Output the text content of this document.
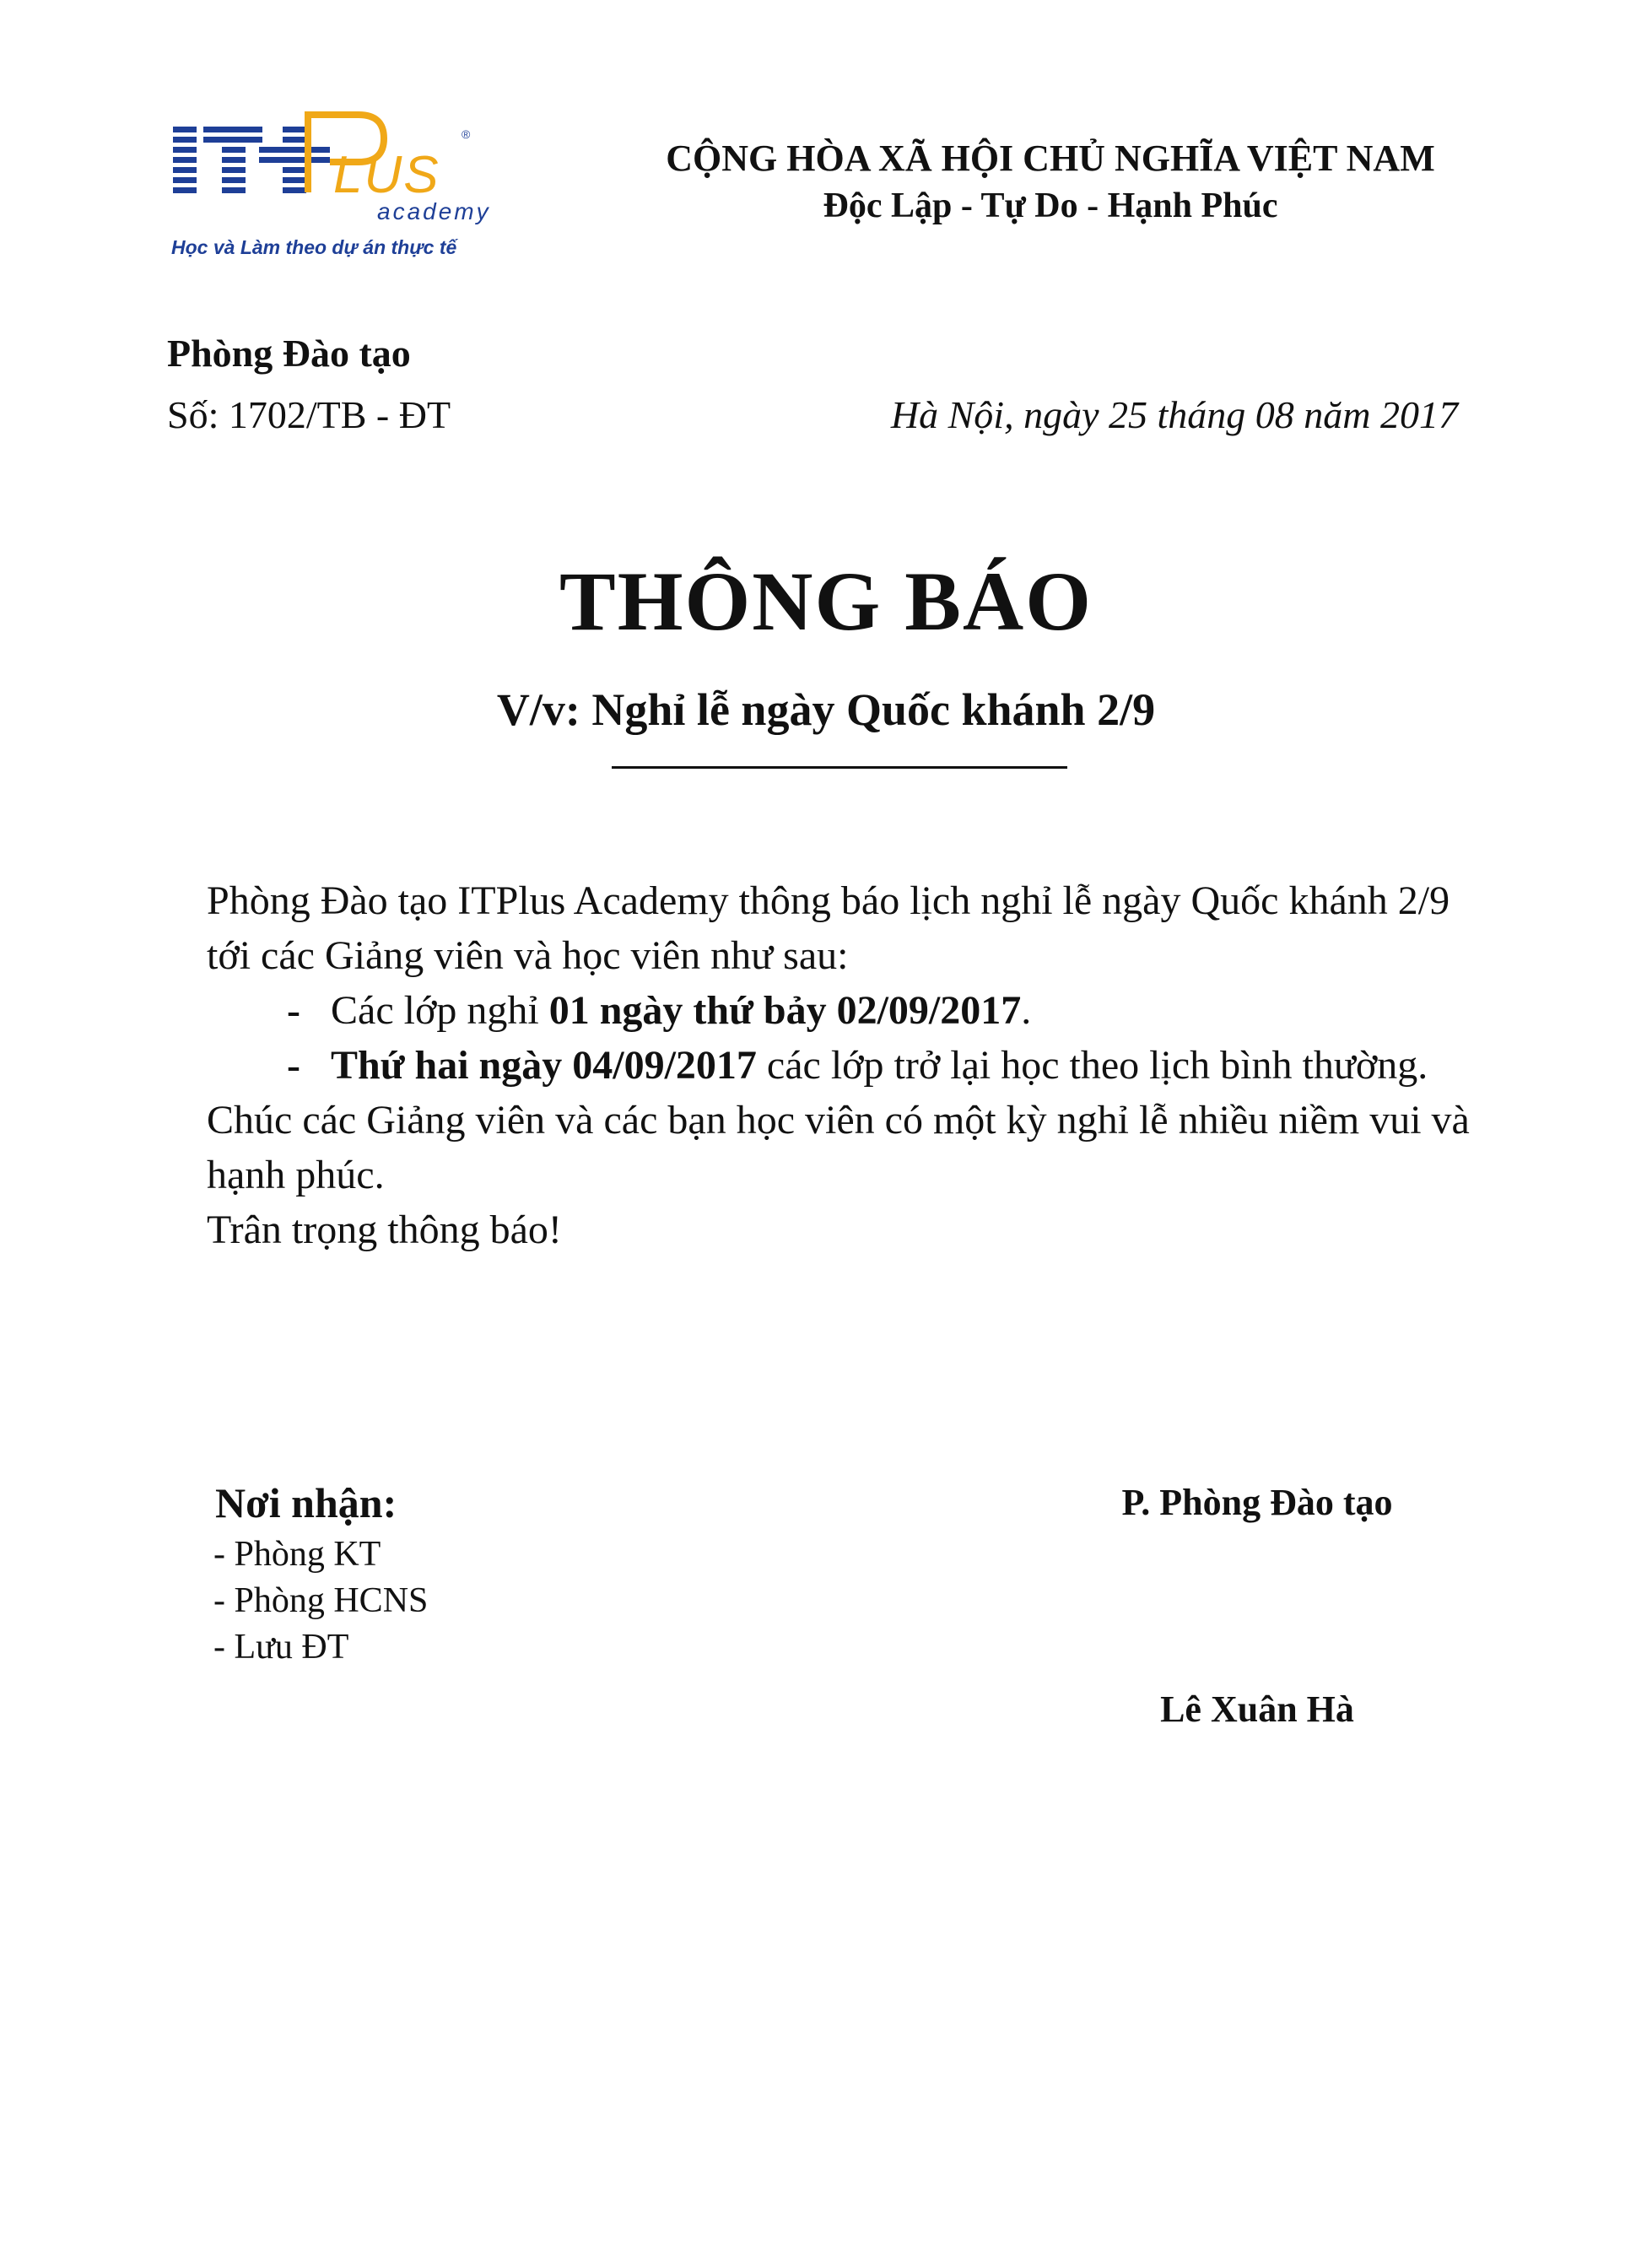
LUS
®
academy
Học và Làm theo dự án thực tế
CỘNG HÒA XÃ HỘI CHỦ NGHĨA VIỆT NAM
Độc Lập - Tự Do - Hạnh Phúc
Phòng Đào tạo
Số: 1702/TB - ĐT	Hà Nội, ngày 25 tháng 08 năm 2017
THÔNG BÁO
V/v: Nghỉ lễ ngày Quốc khánh 2/9

Phòng Đào tạo ITPlus Academy thông báo lịch nghỉ lễ ngày Quốc khánh 2/9 tới các Giảng viên và học viên như sau:

- Các lớp nghỉ 01 ngày thứ bảy 02/09/2017.

- Thứ hai ngày 04/09/2017 các lớp trở lại học theo lịch bình thường.

Chúc các Giảng viên và các bạn học viên có một kỳ nghỉ lễ nhiều niềm vui và hạnh phúc.

Trân trọng thông báo!

Nơi nhận:
- Phòng KT
- Phòng HCNS
- Lưu ĐT
P. Phòng Đào tạo
Lê Xuân Hà
